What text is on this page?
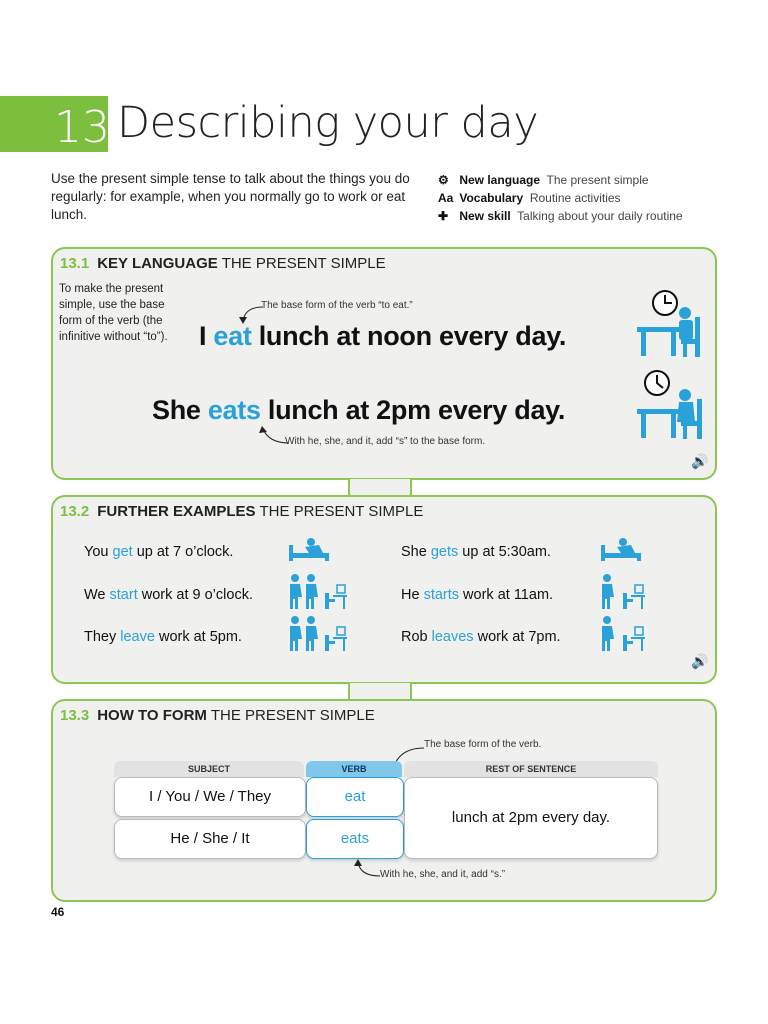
13 Describing your day
Use the present simple tense to talk about the things you do regularly: for example, when you normally go to work or eat lunch.
⚙ New language The present simple
Aa Vocabulary Routine activities
✚ New skill Talking about your daily routine
13.1 KEY LANGUAGE THE PRESENT SIMPLE
To make the present simple, use the base form of the verb (the infinitive without “to”).
The base form of the verb “to eat.”
I eat lunch at noon every day.
She eats lunch at 2pm every day.
With he, she, and it, add “s” to the base form.
🔊
13.2 FURTHER EXAMPLES THE PRESENT SIMPLE
You get up at 7 o’clock.
We start work at 9 o’clock.
They leave work at 5pm.
She gets up at 5:30am.
He starts work at 11am.
Rob leaves work at 7pm.
🔊
13.3 HOW TO FORM THE PRESENT SIMPLE
The base form of the verb.
SUBJECT	VERB	REST OF SENTENCE
I / You / We / They
He / She / It
eat
eats
lunch at 2pm every day.
With he, she, and it, add “s.”
46
